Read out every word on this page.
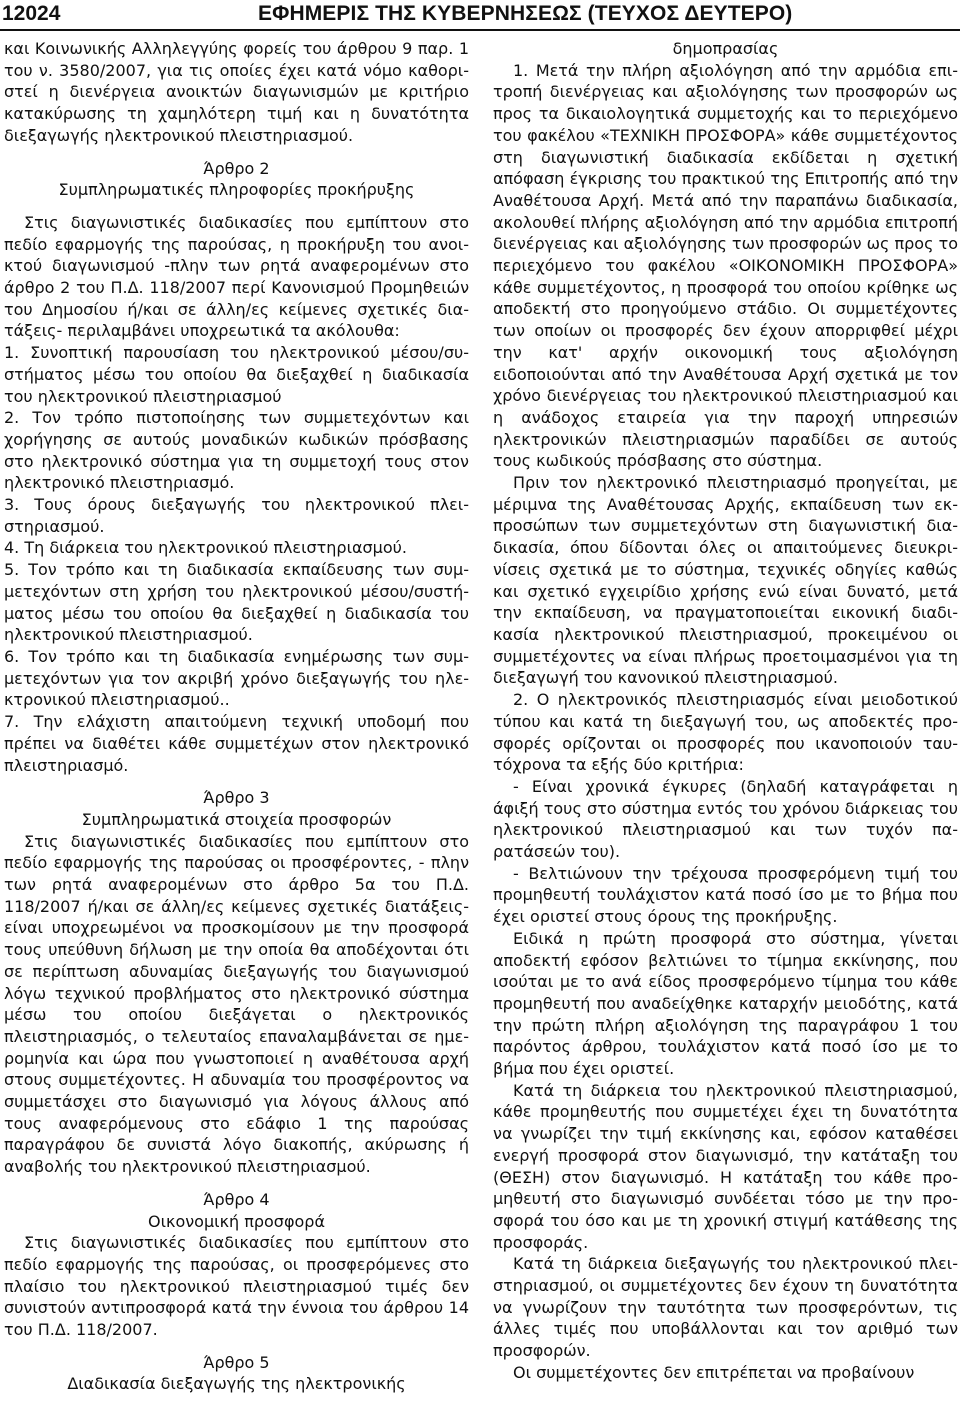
12024	ΕΦΗΜΕΡΙΣ ΤΗΣ ΚΥΒΕΡΝΗΣΕΩΣ (ΤΕΥΧΟΣ ΔΕΥΤΕΡΟ)

και Κοινωνικής Αλληλεγγύης φορείς του άρθρου 9 παρ. 1 του ν. 3580/2007, για τις οποίες έχει κατά νόμο καθοριστεί η διενέργεια ανοικτών διαγωνισμών με κριτήριο κατακύρωσης τη χαμηλότερη τιμή και η δυνατότητα διεξαγωγής ηλεκτρονικού πλειστηριασμού.

Άρθρο 2

Συμπληρωματικές πληροφορίες προκήρυξης

Στις διαγωνιστικές διαδικασίες που εμπίπτουν στο πεδίο εφαρμογής της παρούσας, η προκήρυξη του ανοικτού διαγωνισμού -πλην των ρητά αναφερομένων στο άρθρο 2 του Π.Δ. 118/2007 περί Κανονισμού Προμηθειών του Δημοσίου ή/και σε άλλη/ες κείμενες σχετικές διατάξεις- περιλαμβάνει υποχρεωτικά τα ακόλουθα:

1. Συνοπτική παρουσίαση του ηλεκτρονικού μέσου/συστήματος μέσω του οποίου θα διεξαχθεί η διαδικασία του ηλεκτρονικού πλειστηριασμού

2. Τον τρόπο πιστοποίησης των συμμετεχόντων και χορήγησης σε αυτούς μοναδικών κωδικών πρόσβασης στο ηλεκτρονικό σύστημα για τη συμμετοχή τους στον ηλεκτρονικό πλειστηριασμό.

3. Τους όρους διεξαγωγής του ηλεκτρονικού πλειστηριασμού.

4. Τη διάρκεια του ηλεκτρονικού πλειστηριασμού.

5. Τον τρόπο και τη διαδικασία εκπαίδευσης των συμμετεχόντων στη χρήση του ηλεκτρονικού μέσου/συστήματος μέσω του οποίου θα διεξαχθεί η διαδικασία του ηλεκτρονικού πλειστηριασμού.

6. Τον τρόπο και τη διαδικασία ενημέρωσης των συμμετεχόντων για τον ακριβή χρόνο διεξαγωγής του ηλεκτρονικού πλειστηριασμού..

7. Την ελάχιστη απαιτούμενη τεχνική υποδομή που πρέπει να διαθέτει κάθε συμμετέχων στον ηλεκτρονικό πλειστηριασμό.

Άρθρο 3

Συμπληρωματικά στοιχεία προσφορών

Στις διαγωνιστικές διαδικασίες που εμπίπτουν στο πεδίο εφαρμογής της παρούσας οι προσφέροντες, - πλην των ρητά αναφερομένων στο άρθρο 5α του Π.Δ. 118/2007 ή/και σε άλλη/ες κείμενες σχετικές διατάξεις- είναι υποχρεωμένοι να προσκομίσουν με την προσφορά τους υπεύθυνη δήλωση με την οποία θα αποδέχονται ότι σε περίπτωση αδυναμίας διεξαγωγής του διαγωνισμού λόγω τεχνικού προβλήματος στο ηλεκτρονικό σύστημα μέσω του οποίου διεξάγεται ο ηλεκτρονικός πλειστηριασμός, ο τελευταίος επαναλαμβάνεται σε ημερομηνία και ώρα που γνωστοποιεί η αναθέτουσα αρχή στους συμμετέχοντες. Η αδυναμία του προσφέροντος να συμμετάσχει στο διαγωνισμό για λόγους άλλους από τους αναφερόμενους στο εδάφιο 1 της παρούσας παραγράφου δε συνιστά λόγο διακοπής, ακύρωσης ή αναβολής του ηλεκτρονικού πλειστηριασμού.

Άρθρο 4

Οικονομική προσφορά

Στις διαγωνιστικές διαδικασίες που εμπίπτουν στο πεδίο εφαρμογής της παρούσας, οι προσφερόμενες στο πλαίσιο του ηλεκτρονικού πλειστηριασμού τιμές δεν συνιστούν αντιπροσφορά κατά την έννοια του άρθρου 14 του Π.Δ. 118/2007.

Άρθρο 5

Διαδικασία διεξαγωγής της ηλεκτρονικής

δημοπρασίας

1. Μετά την πλήρη αξιολόγηση από την αρμόδια επιτροπή διενέργειας και αξιολόγησης των προσφορών ως προς τα δικαιολογητικά συμμετοχής και το περιεχόμενο του φακέλου «ΤΕΧΝΙΚΗ ΠΡΟΣΦΟΡΑ» κάθε συμμετέχοντος στη διαγωνιστική διαδικασία εκδίδεται η σχετική απόφαση έγκρισης του πρακτικού της Επιτροπής από την Αναθέτουσα Αρχή. Μετά από την παραπάνω διαδικασία, ακολουθεί πλήρης αξιολόγηση από την αρμόδια επιτροπή διενέργειας και αξιολόγησης των προσφορών ως προς το περιεχόμενο του φακέλου «ΟΙΚΟΝΟΜΙΚΗ ΠΡΟΣΦΟΡΑ» κάθε συμμετέχοντος, η προσφορά του οποίου κρίθηκε ως αποδεκτή στο προηγούμενο στάδιο. Οι συμμετέχοντες των οποίων οι προσφορές δεν έχουν απορριφθεί μέχρι την κατ' αρχήν οικονομική τους αξιολόγηση ειδοποιούνται από την Αναθέτουσα Αρχή σχετικά με τον χρόνο διενέργειας του ηλεκτρονικού πλειστηριασμού και η ανάδοχος εταιρεία για την παροχή υπηρεσιών ηλεκτρονικών πλειστηριασμών παραδίδει σε αυτούς τους κωδικούς πρόσβασης στο σύστημα.

Πριν τον ηλεκτρονικό πλειστηριασμό προηγείται, με μέριμνα της Αναθέτουσας Αρχής, εκπαίδευση των εκπροσώπων των συμμετεχόντων στη διαγωνιστική διαδικασία, όπου δίδονται όλες οι απαιτούμενες διευκρινίσεις σχετικά με το σύστημα, τεχνικές οδηγίες καθώς και σχετικό εγχειρίδιο χρήσης ενώ είναι δυνατό, μετά την εκπαίδευση, να πραγματοποιείται εικονική διαδικασία ηλεκτρονικού πλειστηριασμού, προκειμένου οι συμμετέχοντες να είναι πλήρως προετοιμασμένοι για τη διεξαγωγή του κανονικού πλειστηριασμού.

2. Ο ηλεκτρονικός πλειστηριασμός είναι μειοδοτικού τύπου και κατά τη διεξαγωγή του, ως αποδεκτές προσφορές ορίζονται οι προσφορές που ικανοποιούν ταυτόχρονα τα εξής δύο κριτήρια:

- Είναι χρονικά έγκυρες (δηλαδή καταγράφεται η άφιξή τους στο σύστημα εντός του χρόνου διάρκειας του ηλεκτρονικού πλειστηριασμού και των τυχόν παρατάσεών του).

- Βελτιώνουν την τρέχουσα προσφερόμενη τιμή του προμηθευτή τουλάχιστον κατά ποσό ίσο με το βήμα που έχει οριστεί στους όρους της προκήρυξης.

Ειδικά η πρώτη προσφορά στο σύστημα, γίνεται αποδεκτή εφόσον βελτιώνει το τίμημα εκκίνησης, που ισούται με το ανά είδος προσφερόμενο τίμημα του κάθε προμηθευτή που αναδείχθηκε καταρχήν μειοδότης, κατά την πρώτη πλήρη αξιολόγηση της παραγράφου 1 του παρόντος άρθρου, τουλάχιστον κατά ποσό ίσο με το βήμα που έχει οριστεί.

Κατά τη διάρκεια του ηλεκτρονικού πλειστηριασμού, κάθε προμηθευτής που συμμετέχει έχει τη δυνατότητα να γνωρίζει την τιμή εκκίνησης και, εφόσον καταθέσει ενεργή προσφορά στον διαγωνισμό, την κατάταξη του (ΘΕΣΗ) στον διαγωνισμό. Η κατάταξη του κάθε προμηθευτή στο διαγωνισμό συνδέεται τόσο με την προσφορά του όσο και με τη χρονική στιγμή κατάθεσης της προσφοράς.

Κατά τη διάρκεια διεξαγωγής του ηλεκτρονικού πλειστηριασμού, οι συμμετέχοντες δεν έχουν τη δυνατότητα να γνωρίζουν την ταυτότητα των προσφερόντων, τις άλλες τιμές που υποβάλλονται και τον αριθμό των προσφορών.

Οι συμμετέχοντες δεν επιτρέπεται να προβαίνουν
